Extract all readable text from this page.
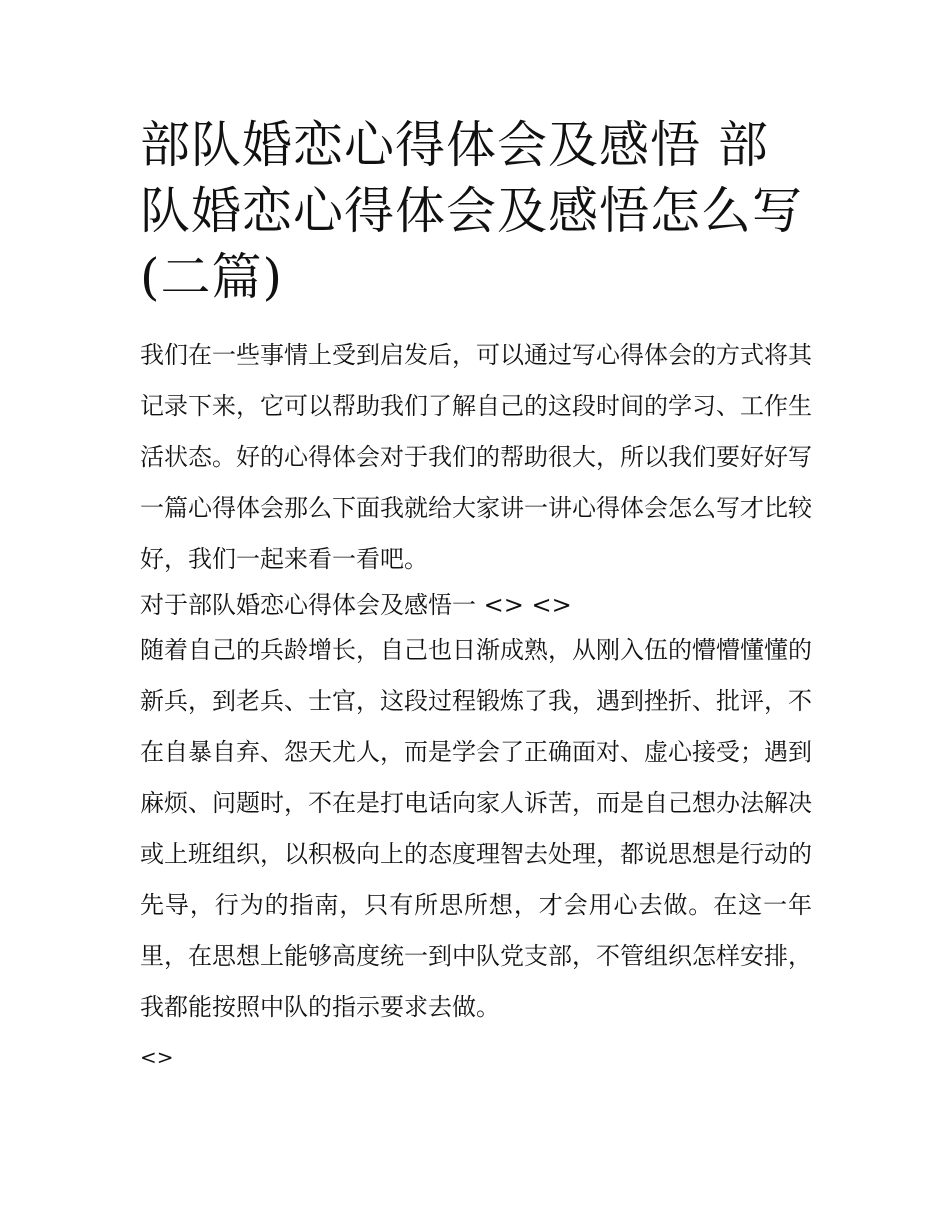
部队婚恋心得体会及感悟 部队婚恋心得体会及感悟怎么写(二篇)

我们在一些事情上受到启发后，可以通过写心得体会的方式将其记录下来，它可以帮助我们了解自己的这段时间的学习、工作生活状态。好的心得体会对于我们的帮助很大，所以我们要好好写一篇心得体会那么下面我就给大家讲一讲心得体会怎么写才比较好，我们一起来看一看吧。

对于部队婚恋心得体会及感悟一 <> <>

随着自己的兵龄增长，自己也日渐成熟，从刚入伍的懵懵懂懂的新兵，到老兵、士官，这段过程锻炼了我，遇到挫折、批评，不在自暴自弃、怨天尤人，而是学会了正确面对、虚心接受；遇到麻烦、问题时，不在是打电话向家人诉苦，而是自己想办法解决或上班组织，以积极向上的态度理智去处理，都说思想是行动的先导，行为的指南，只有所思所想，才会用心去做。在这一年里，在思想上能够高度统一到中队党支部，不管组织怎样安排，我都能按照中队的指示要求去做。

<>
